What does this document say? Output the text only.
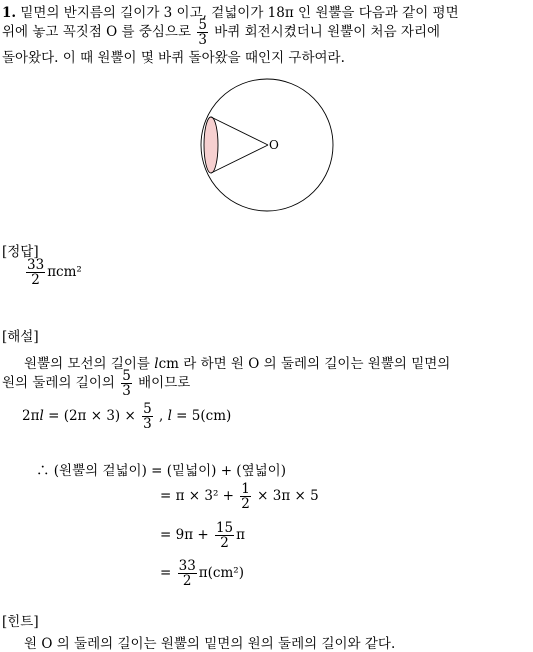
1. 밑면의 반지름의 길이가 3 이고, 겉넓이가 18π 인 원뿔을 다음과 같이 평면
위에 놓고 꼭짓점 O 를 중심으로 $\frac{5}{3}$ 바퀴 회전시켰더니 원뿔이 처음 자리에
돌아왔다. 이 때 원뿔이 몇 바퀴 돌아왔을 때인지 구하여라.
O
[정답]
$\frac{33}{2} \pi cm^2$
[해설]
원뿔의 모선의 길이를 lcm 라 하면 원 O 의 둘레의 길이는 원뿔의 밑면의
원의 둘레의 길이의 $\frac{5}{3}$ 배이므로
$2\pi l = (2\pi \times 3) \times \frac{5}{3}$ , l = 5(cm)
∴ (원뿔의 겉넓이) = (밑넓이) + (옆넓이)
= $\pi \times 3^2 + \frac{1}{2} \times 3\pi \times 5$
= $9\pi + \frac{15}{2}$ π
= $\frac{33}{2} \pi(cm^2)$
[힌트]
원 O 의 둘레의 길이는 원뿔의 밑면의 원의 둘레의 길이와 같다.
